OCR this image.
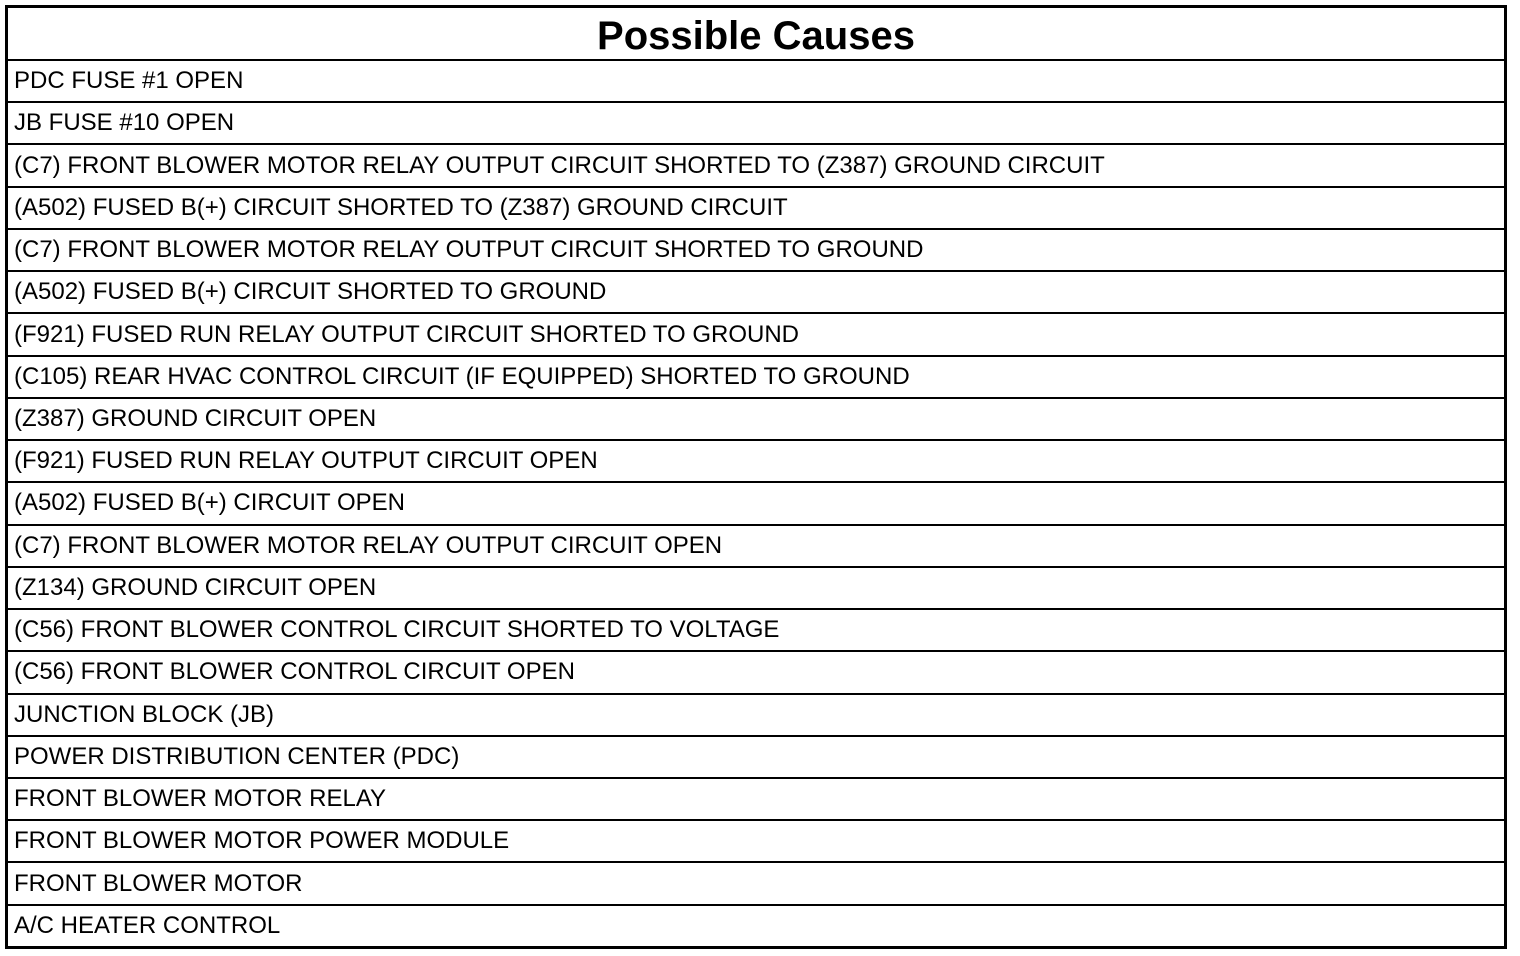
Possible Causes
PDC FUSE #1 OPEN
JB FUSE #10 OPEN
(C7) FRONT BLOWER MOTOR RELAY OUTPUT CIRCUIT SHORTED TO (Z387) GROUND CIRCUIT
(A502) FUSED B(+) CIRCUIT SHORTED TO (Z387) GROUND CIRCUIT
(C7) FRONT BLOWER MOTOR RELAY OUTPUT CIRCUIT SHORTED TO GROUND
(A502) FUSED B(+) CIRCUIT SHORTED TO GROUND
(F921) FUSED RUN RELAY OUTPUT CIRCUIT SHORTED TO GROUND
(C105) REAR HVAC CONTROL CIRCUIT (IF EQUIPPED) SHORTED TO GROUND
(Z387) GROUND CIRCUIT OPEN
(F921) FUSED RUN RELAY OUTPUT CIRCUIT OPEN
(A502) FUSED B(+) CIRCUIT OPEN
(C7) FRONT BLOWER MOTOR RELAY OUTPUT CIRCUIT OPEN
(Z134) GROUND CIRCUIT OPEN
(C56) FRONT BLOWER CONTROL CIRCUIT SHORTED TO VOLTAGE
(C56) FRONT BLOWER CONTROL CIRCUIT OPEN
JUNCTION BLOCK (JB)
POWER DISTRIBUTION CENTER (PDC)
FRONT BLOWER MOTOR RELAY
FRONT BLOWER MOTOR POWER MODULE
FRONT BLOWER MOTOR
A/C HEATER CONTROL
